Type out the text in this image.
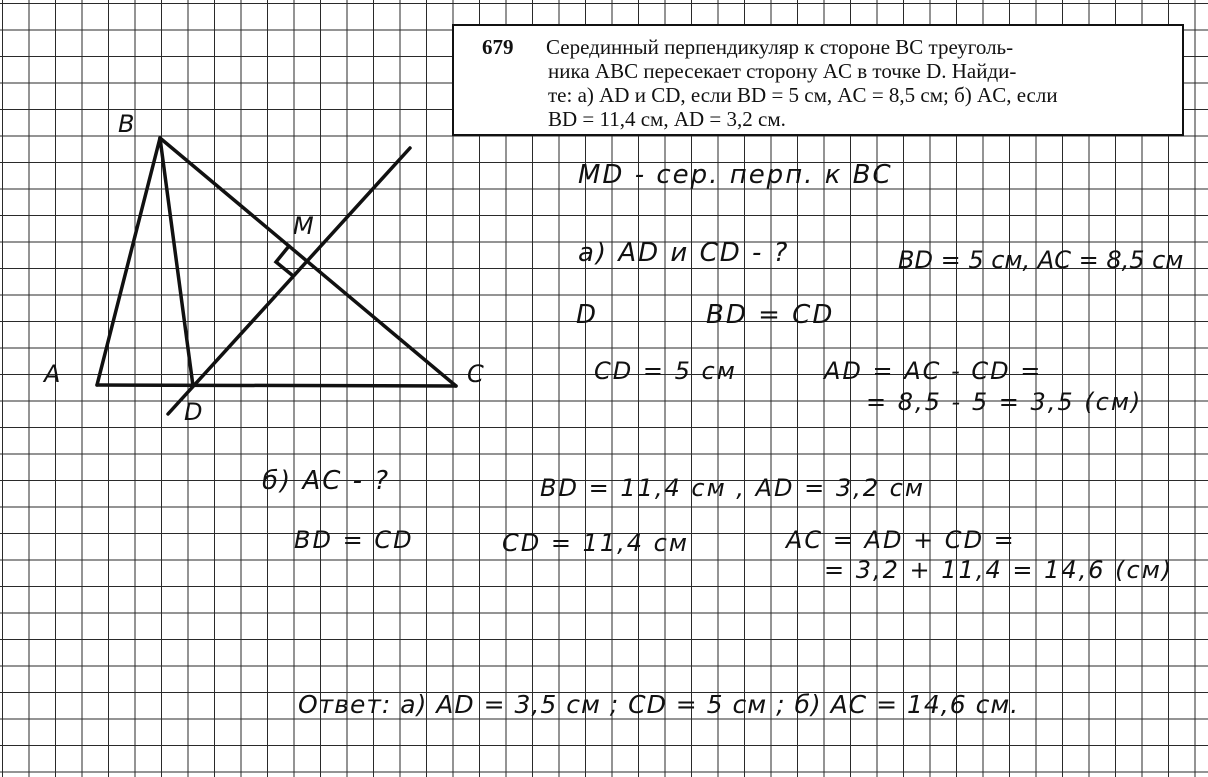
679	Серединный перпендикуляр к стороне BC треуголь-
ника ABC пересекает сторону AC в точке D. Найди-
те: а) AD и CD, если BD = 5 см, AC = 8,5 см; б) AC, если
BD = 11,4 см, AD = 3,2 см.
B
A	C
D
M
MD - сер. перп. к BC
а) AD и CD - ?	BD = 5 см, AC = 8,5 см
D	BD = CD
CD = 5 см	AD = AC - CD =
= 8,5 - 5 = 3,5 (см)
б) AC - ?	BD = 11,4 см , AD = 3,2 см
BD = CD	CD = 11,4 см	AC = AD + CD =
= 3,2 + 11,4 = 14,6 (см)
Ответ: а) AD = 3,5 см ; CD = 5 см ; б) AC = 14,6 см.
